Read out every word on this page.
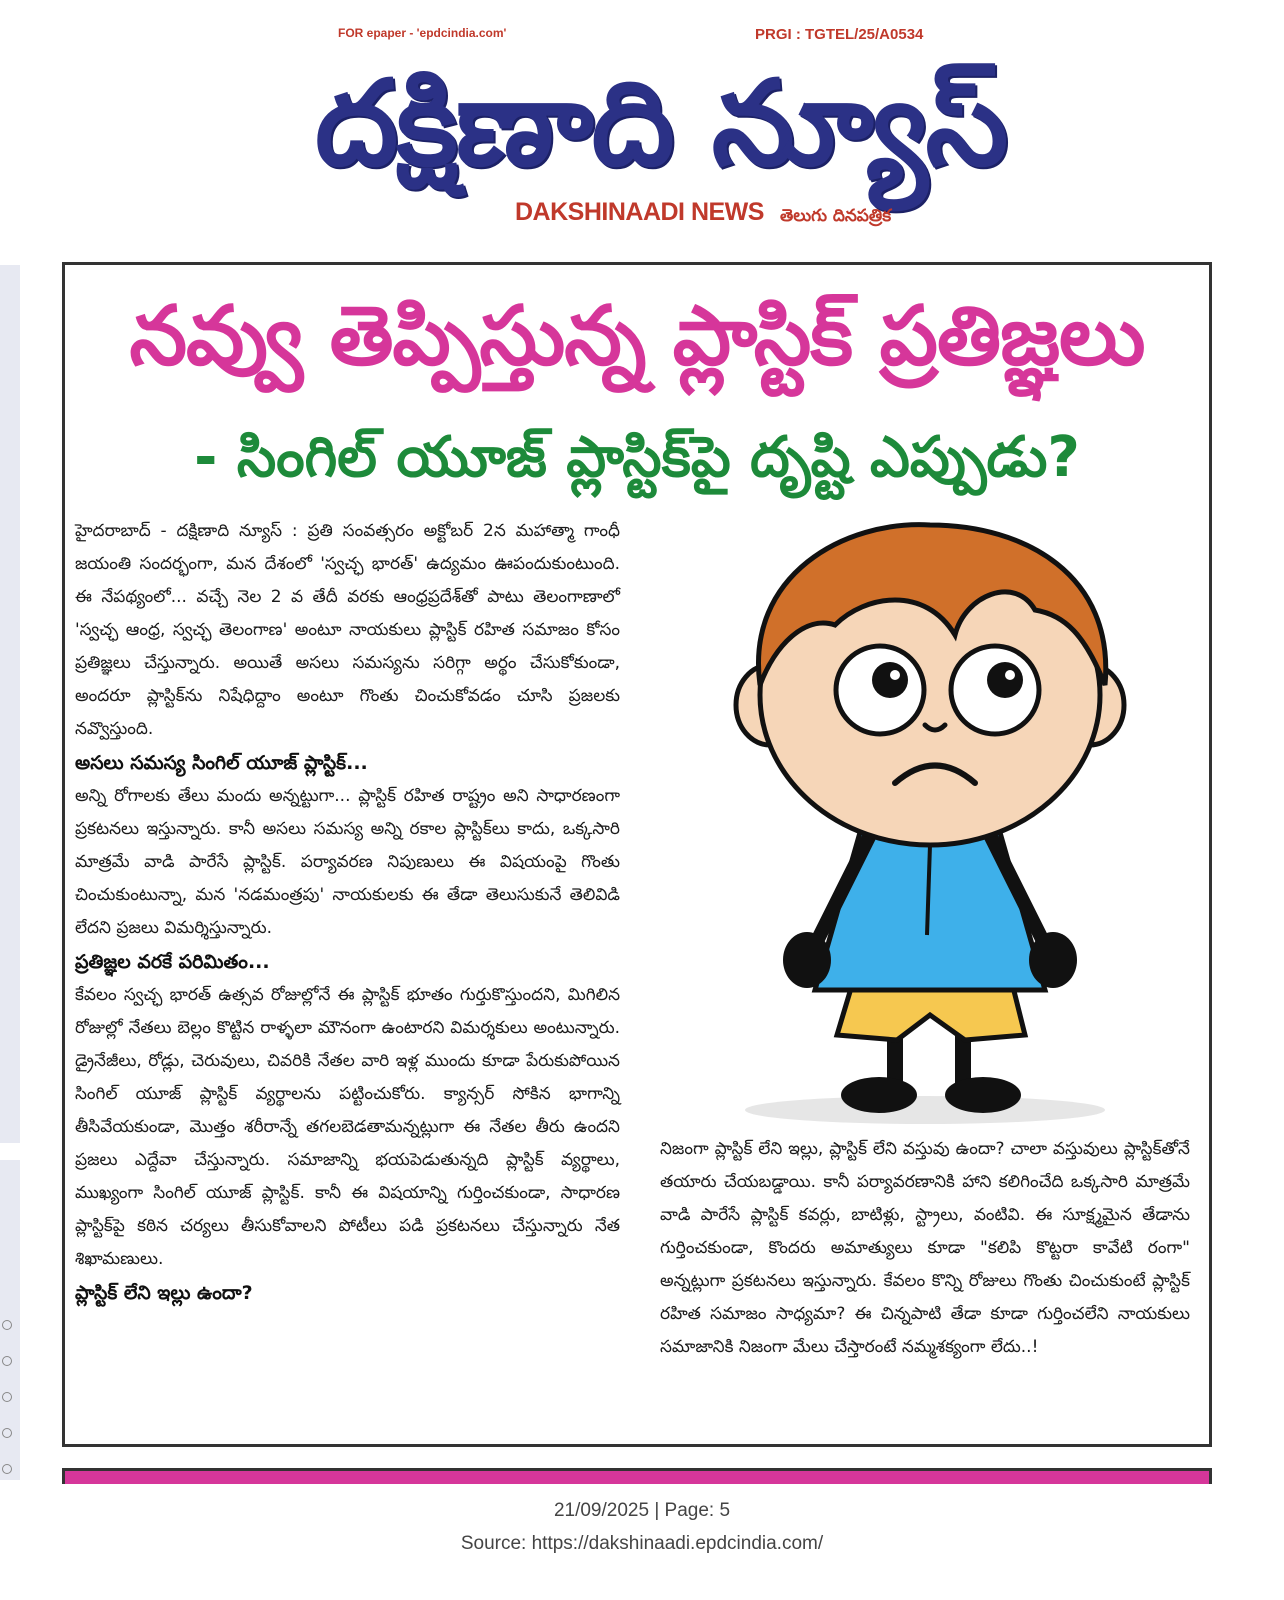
FOR epaper - 'epdcindia.com'	PRGI : TGTEL/25/A0534
దక్షిణాది న్యూస్
DAKSHINAADI NEWS తెలుగు దినపత్రిక
నవ్వు తెప్పిస్తున్న ప్లాస్టిక్ ప్రతిజ్ఞలు
- సింగిల్ యూజ్ ప్లాస్టిక్‌పై దృష్టి ఎప్పుడు?

హైదరాబాద్ - దక్షిణాది న్యూస్ : ప్రతి సంవత్సరం అక్టోబర్ 2న మహాత్మా గాంధీ జయంతి సందర్భంగా, మన దేశంలో 'స్వచ్ఛ భారత్' ఉద్యమం ఊపందుకుంటుంది. ఈ నేపథ్యంలో... వచ్చే నెల 2 వ తేదీ వరకు ఆంధ్రప్రదేశ్‌తో పాటు తెలంగాణాలో 'స్వచ్ఛ ఆంధ్ర, స్వచ్ఛ తెలంగాణ' అంటూ నాయకులు ప్లాస్టిక్ రహిత సమాజం కోసం ప్రతిజ్ఞలు చేస్తున్నారు. అయితే అసలు సమస్యను సరిగ్గా అర్థం చేసుకోకుండా, అందరూ ప్లాస్టిక్‌ను నిషేధిద్దాం అంటూ గొంతు చించుకోవడం చూసి ప్రజలకు నవ్వొస్తుంది.

అసలు సమస్య సింగిల్ యూజ్ ప్లాస్టిక్...

అన్ని రోగాలకు తేలు మందు అన్నట్టుగా... ప్లాస్టిక్ రహిత రాష్ట్రం అని సాధారణంగా ప్రకటనలు ఇస్తున్నారు. కానీ అసలు సమస్య అన్ని రకాల ప్లాస్టిక్‌లు కాదు, ఒక్కసారి మాత్రమే వాడి పారేసే ప్లాస్టిక్. పర్యావరణ నిపుణులు ఈ విషయంపై గొంతు చించుకుంటున్నా, మన 'నడమంత్రపు' నాయకులకు ఈ తేడా తెలుసుకునే తెలివిడి లేదని ప్రజలు విమర్శిస్తున్నారు.

ప్రతిజ్ఞల వరకే పరిమితం...

కేవలం స్వచ్ఛ భారత్ ఉత్సవ రోజుల్లోనే ఈ ప్లాస్టిక్ భూతం గుర్తుకొస్తుందని, మిగిలిన రోజుల్లో నేతలు బెల్లం కొట్టిన రాళ్ళలా మౌనంగా ఉంటారని విమర్శకులు అంటున్నారు. డ్రైనేజీలు, రోడ్లు, చెరువులు, చివరికి నేతల వారి ఇళ్ల ముందు కూడా పేరుకుపోయిన సింగిల్ యూజ్ ప్లాస్టిక్ వ్యర్థాలను పట్టించుకోరు. క్యాన్సర్ సోకిన భాగాన్ని తీసివేయకుండా, మొత్తం శరీరాన్నే తగలబెడతామన్నట్లుగా ఈ నేతల తీరు ఉందని ప్రజలు ఎద్దేవా చేస్తున్నారు. సమాజాన్ని భయపెడుతున్నది ప్లాస్టిక్ వ్యర్థాలు, ముఖ్యంగా సింగిల్ యూజ్ ప్లాస్టిక్. కానీ ఈ విషయాన్ని గుర్తించకుండా, సాధారణ ప్లాస్టిక్‌పై కఠిన చర్యలు తీసుకోవాలని పోటీలు పడి ప్రకటనలు చేస్తున్నారు నేత శిఖామణులు.

ప్లాస్టిక్ లేని ఇల్లు ఉందా?

నిజంగా ప్లాస్టిక్ లేని ఇల్లు, ప్లాస్టిక్ లేని వస్తువు ఉందా? చాలా వస్తువులు ప్లాస్టిక్‌తోనే తయారు చేయబడ్డాయి. కానీ పర్యావరణానికి హాని కలిగించేది ఒక్కసారి మాత్రమే వాడి పారేసే ప్లాస్టిక్ కవర్లు, బాటిళ్లు, స్ట్రాలు, వంటివి. ఈ సూక్ష్మమైన తేడాను గుర్తించకుండా, కొందరు అమాత్యులు కూడా "కలిపి కొట్టరా కావేటి రంగా" అన్నట్లుగా ప్రకటనలు ఇస్తున్నారు. కేవలం కొన్ని రోజులు గొంతు చించుకుంటే ప్లాస్టిక్ రహిత సమాజం సాధ్యమా? ఈ చిన్నపాటి తేడా కూడా గుర్తించలేని నాయకులు సమాజానికి నిజంగా మేలు చేస్తారంటే నమ్మశక్యంగా లేదు..!

21/09/2025 | Page: 5
Source: https://dakshinaadi.epdcindia.com/
